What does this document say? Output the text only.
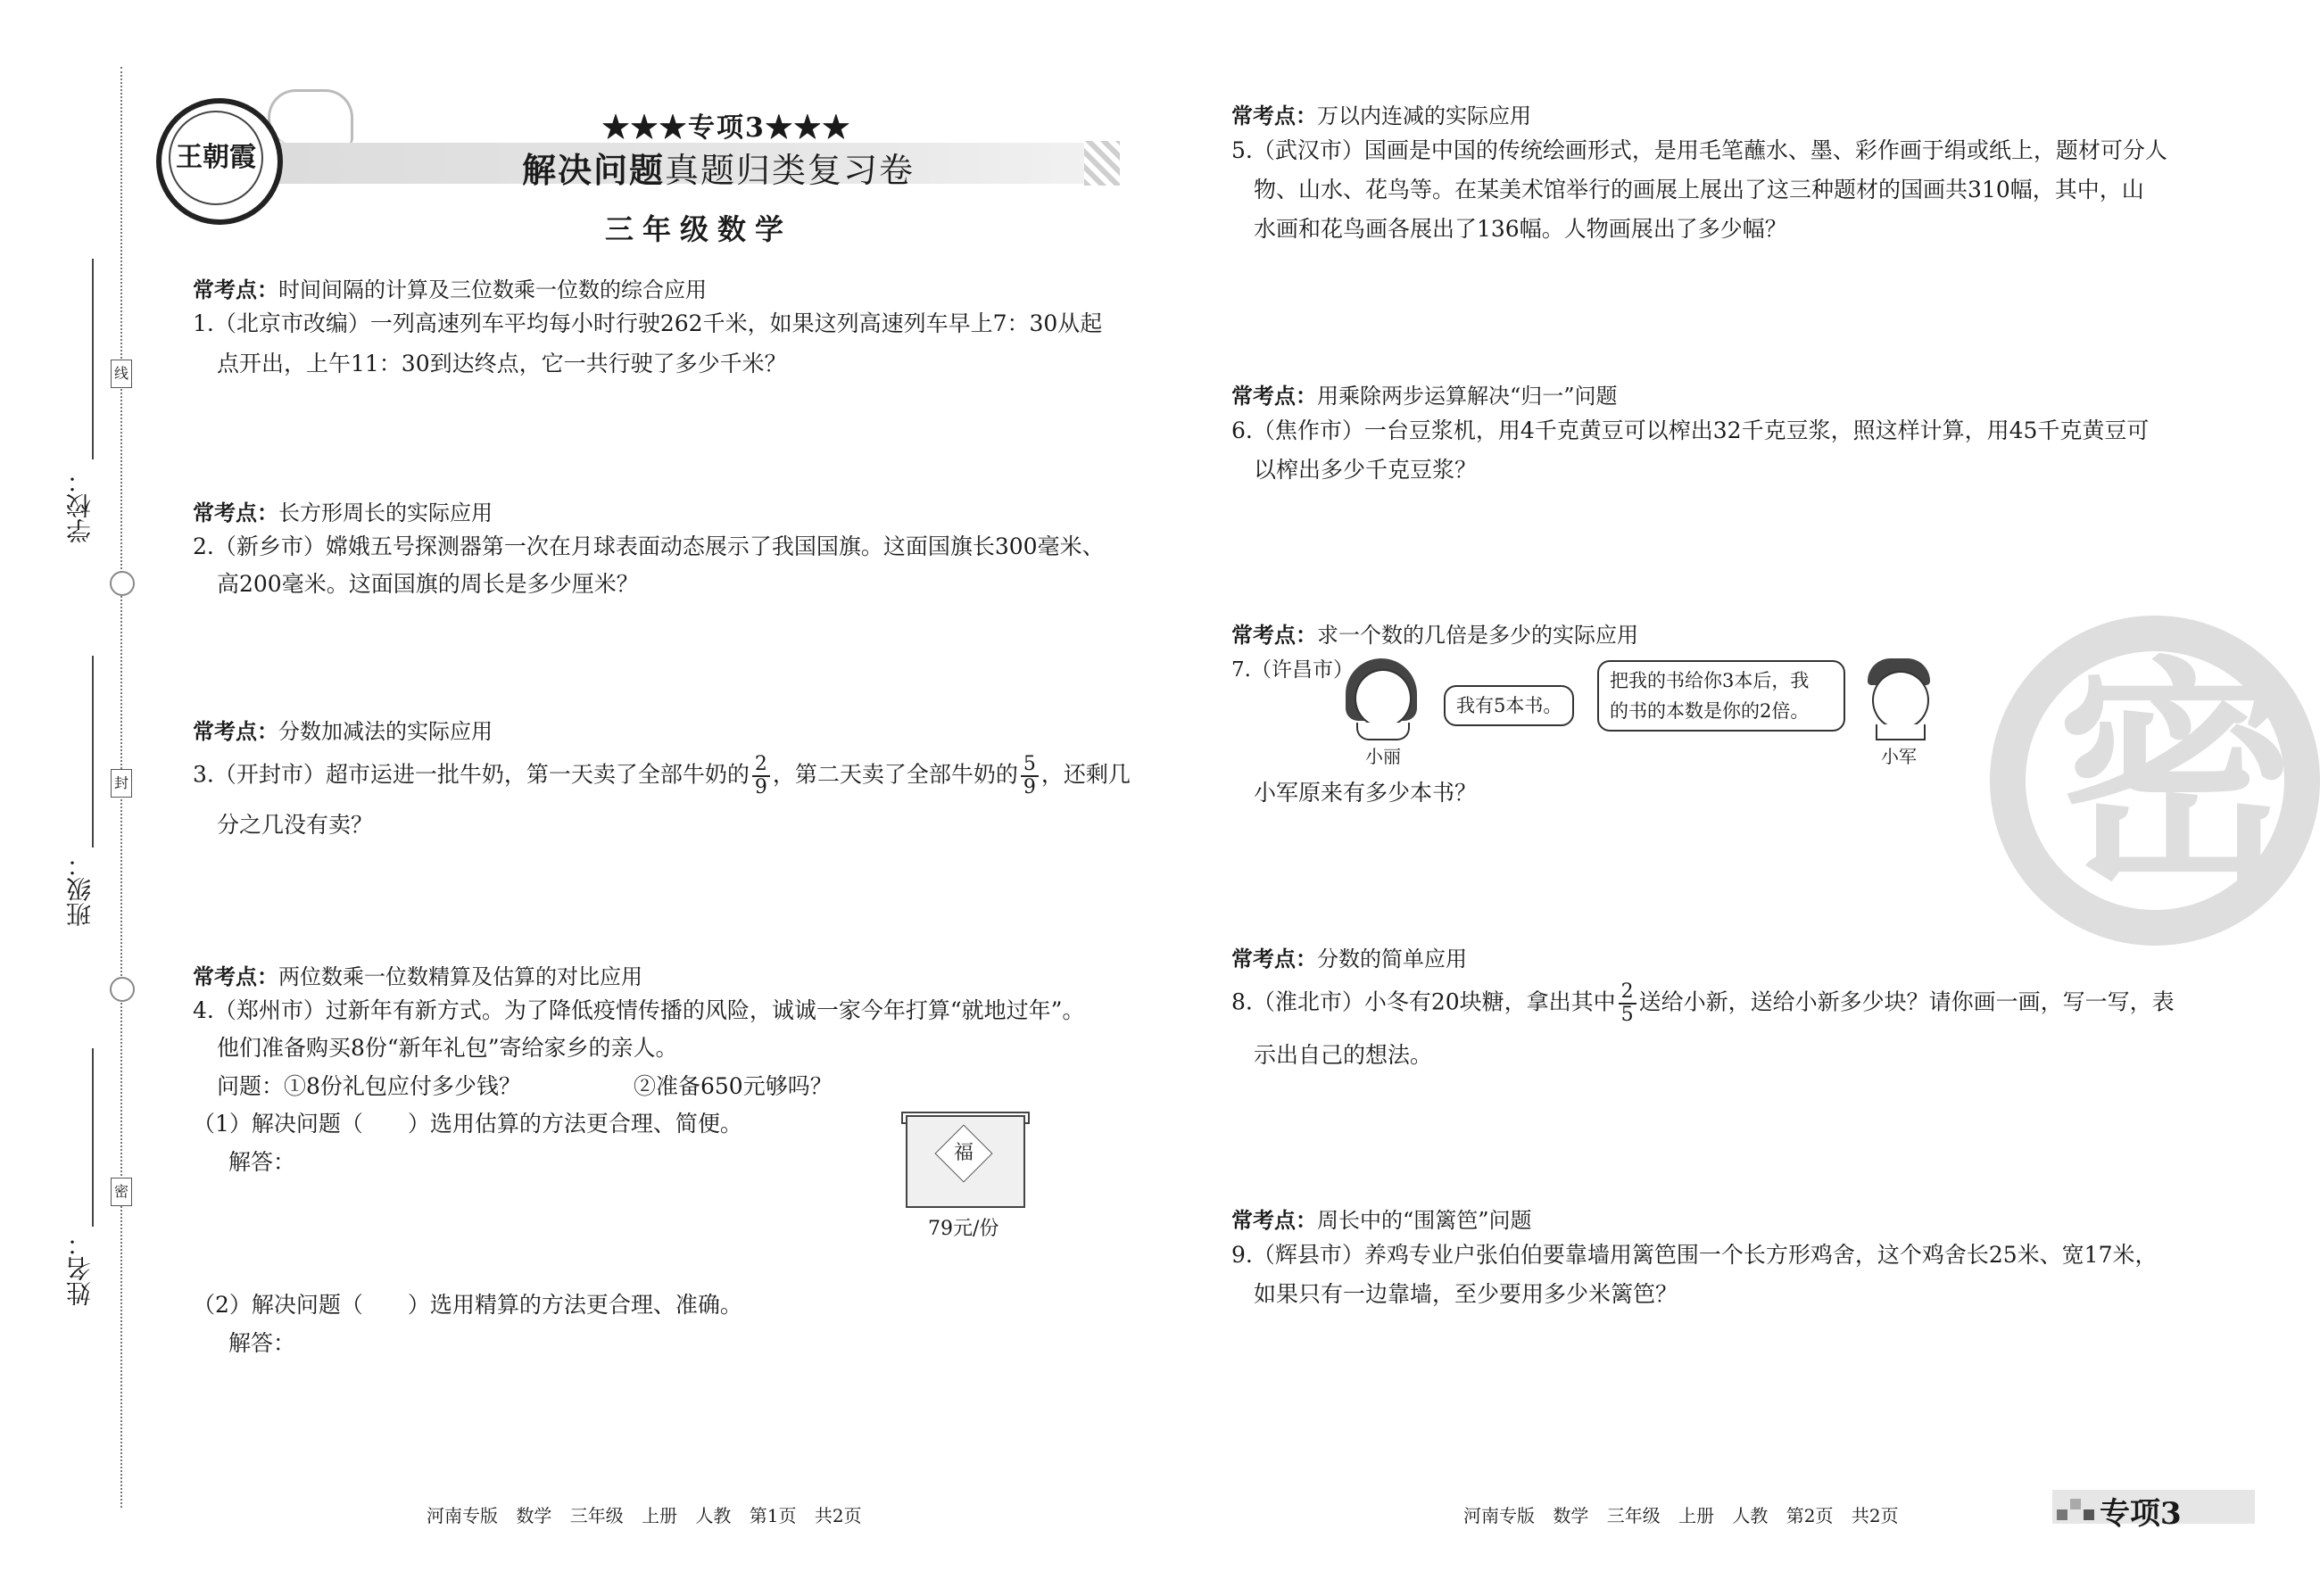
学校：
班级：
姓名：
线
封
密
王朝霞
★★★专项3★★★
解决问题真题归类复习卷
三年级数学
常考点：时间间隔的计算及三位数乘一位数的综合应用
1.（北京市改编）一列高速列车平均每小时行驶262千米，如果这列高速列车早上7：30从起
点开出，上午11：30到达终点，它一共行驶了多少千米？
常考点：长方形周长的实际应用
2.（新乡市）嫦娥五号探测器第一次在月球表面动态展示了我国国旗。这面国旗长300毫米、
高200毫米。这面国旗的周长是多少厘米？
常考点：分数加减法的实际应用
3.（开封市）超市运进一批牛奶，第一天卖了全部牛奶的 $\frac{2}{9}$ ，第二天卖了全部牛奶的 $\frac{5}{9}$ ，还剩几
分之几没有卖？
常考点：两位数乘一位数精算及估算的对比应用
4.（郑州市）过新年有新方式。为了降低疫情传播的风险，诚诚一家今年打算“就地过年”。
他们准备购买8份“新年礼包”寄给家乡的亲人。
问题：①8份礼包应付多少钱？	②准备650元够吗？
（1）解决问题（　　）选用估算的方法更合理、简便。
解答：	福
79元/份
（2）解决问题（　　）选用精算的方法更合理、准确。
解答：
河南专版 数学 三年级 上册 人教 第1页 共2页
常考点：万以内连减的实际应用
5.（武汉市）国画是中国的传统绘画形式，是用毛笔蘸水、墨、彩作画于绢或纸上，题材可分人
物、山水、花鸟等。在某美术馆举行的画展上展出了这三种题材的国画共310幅，其中，山
水画和花鸟画各展出了136幅。人物画展出了多少幅？
常考点：用乘除两步运算解决“归一”问题
6.（焦作市）一台豆浆机，用4千克黄豆可以榨出32千克豆浆，照这样计算，用45千克黄豆可
以榨出多少千克豆浆？
常考点：求一个数的几倍是多少的实际应用
7.（许昌市）
小丽
我有5本书。
把我的书给你3本后，我
的书的本数是你的2倍。
小军
小军原来有多少本书？
常考点：分数的简单应用
8.（淮北市）小冬有20块糖，拿出其中 $\frac{2}{5}$ 送给小新，送给小新多少块？请你画一画，写一写，表
示出自己的想法。
常考点：周长中的“围篱笆”问题
9.（辉县市）养鸡专业户张伯伯要靠墙用篱笆围一个长方形鸡舍，这个鸡舍长25米、宽17米，
如果只有一边靠墙，至少要用多少米篱笆？
密
河南专版 数学 三年级 上册 人教 第2页 共2页	专项3
